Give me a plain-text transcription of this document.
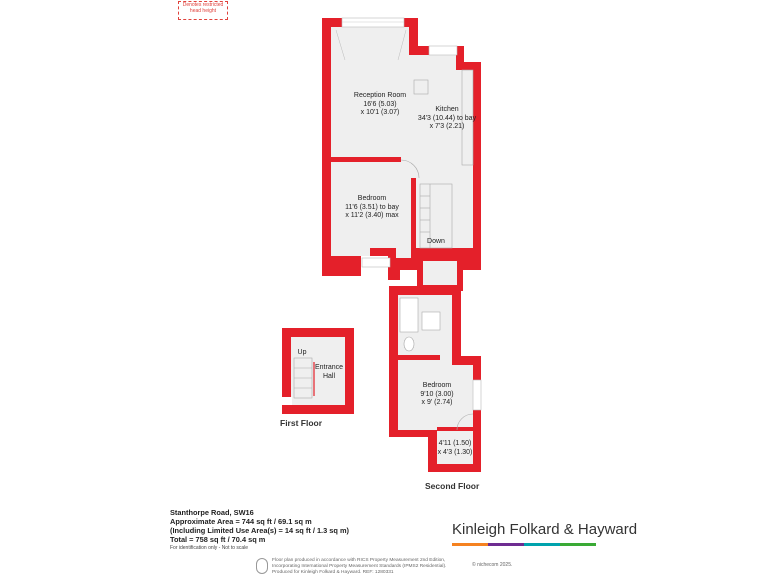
Denotes restricted
head height
Reception Room
16'6 (5.03)
x 10'1 (3.07)	Kitchen
34'3 (10.44) to bay
x 7'3 (2.21)
Bedroom
11'6 (3.51) to bay
x 11'2 (3.40) max
Down
Bedroom
9'10 (3.00)
x 9' (2.74)
4'11 (1.50)
x 4'3 (1.30)
Up
Entrance
Hall
First Floor
Second Floor
Stanthorpe Road, SW16
Approximate Area = 744 sq ft / 69.1 sq m
(Including Limited Use Area(s) = 14 sq ft / 1.3 sq m)
Total = 758 sq ft / 70.4 sq m
For identification only - Not to scale
Kinleigh Folkard & Hayward
Floor plan produced in accordance with RICS Property Measurement 2nd Edition,
Incorporating International Property Measurement Standards (IPMS2 Residential).
Produced for Kinleigh Folkard & Hayward. REF: 1280331
© nichecom 2025.
